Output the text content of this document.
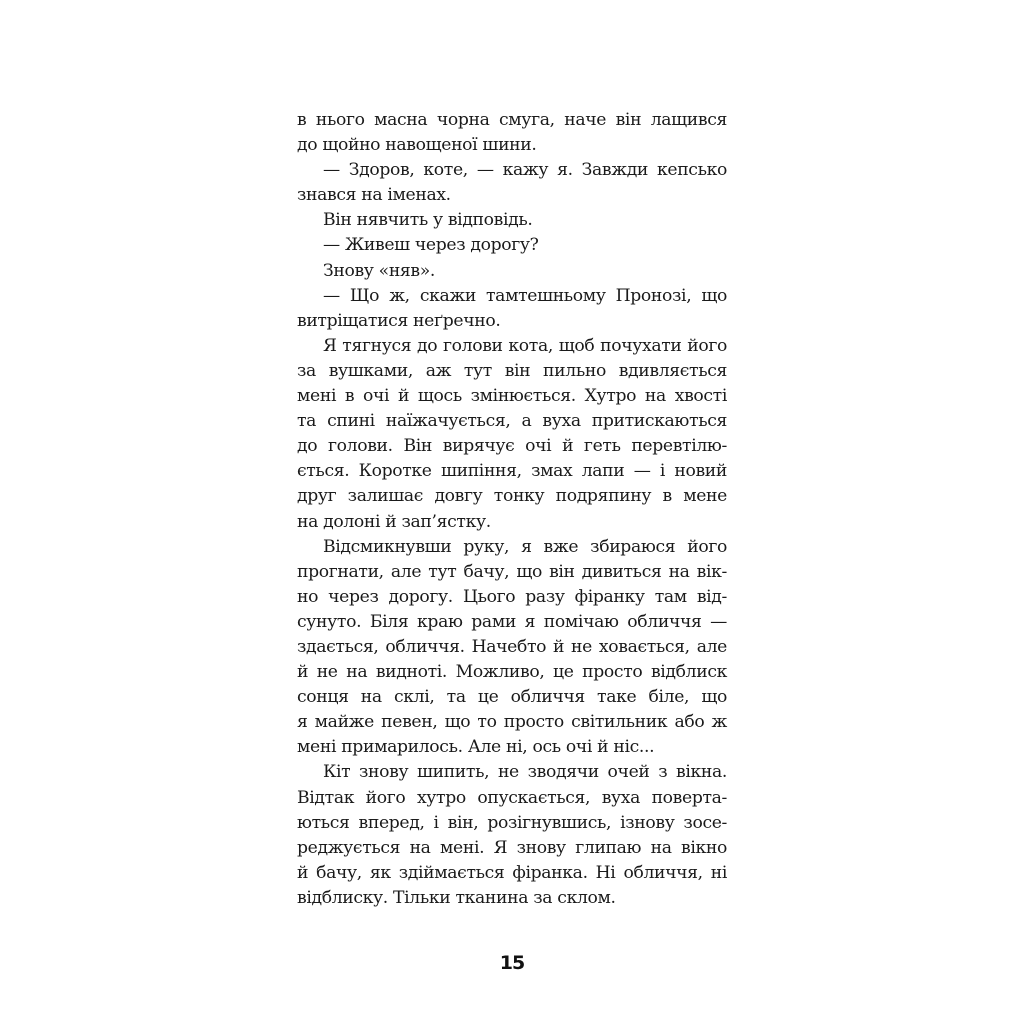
в нього масна чорна смуга, наче він лащився
до щойно навощеної шини.
— Здоров, коте, — кажу я. Завжди кепсько
знався на іменах.
Він нявчить у відповідь.
— Живеш через дорогу?
Знову «няв».
— Що ж, скажи тамтешньому Пронозі, що
витріщатися неґречно.
Я тягнуся до голови кота, щоб почухати його
за вушками, аж тут він пильно вдивляється
мені в очі й щось змінюється. Хутро на хвості
та спині наїжачується, а вуха притискаються
до голови. Він вирячує очі й геть перевтілю-
ється. Коротке шипіння, змах лапи — і новий
друг залишає довгу тонку подряпину в мене
на долоні й зап’ястку.
Відсмикнувши руку, я вже збираюся його
прогнати, але тут бачу, що він дивиться на вік-
но через дорогу. Цього разу фіранку там від-
сунуто. Біля краю рами я помічаю обличчя —
здається, обличчя. Начебто й не ховається, але
й не на видноті. Можливо, це просто відблиск
сонця на склі, та це обличчя таке біле, що
я майже певен, що то просто світильник або ж
мені примарилось. Але ні, ось очі й ніс...
Кіт знову шипить, не зводячи очей з вікна.
Відтак його хутро опускається, вуха поверта-
ються вперед, і він, розігнувшись, ізнову зосе-
реджується на мені. Я знову глипаю на вікно
й бачу, як здіймається фіранка. Ні обличчя, ні
відблиску. Тільки тканина за склом.
15
